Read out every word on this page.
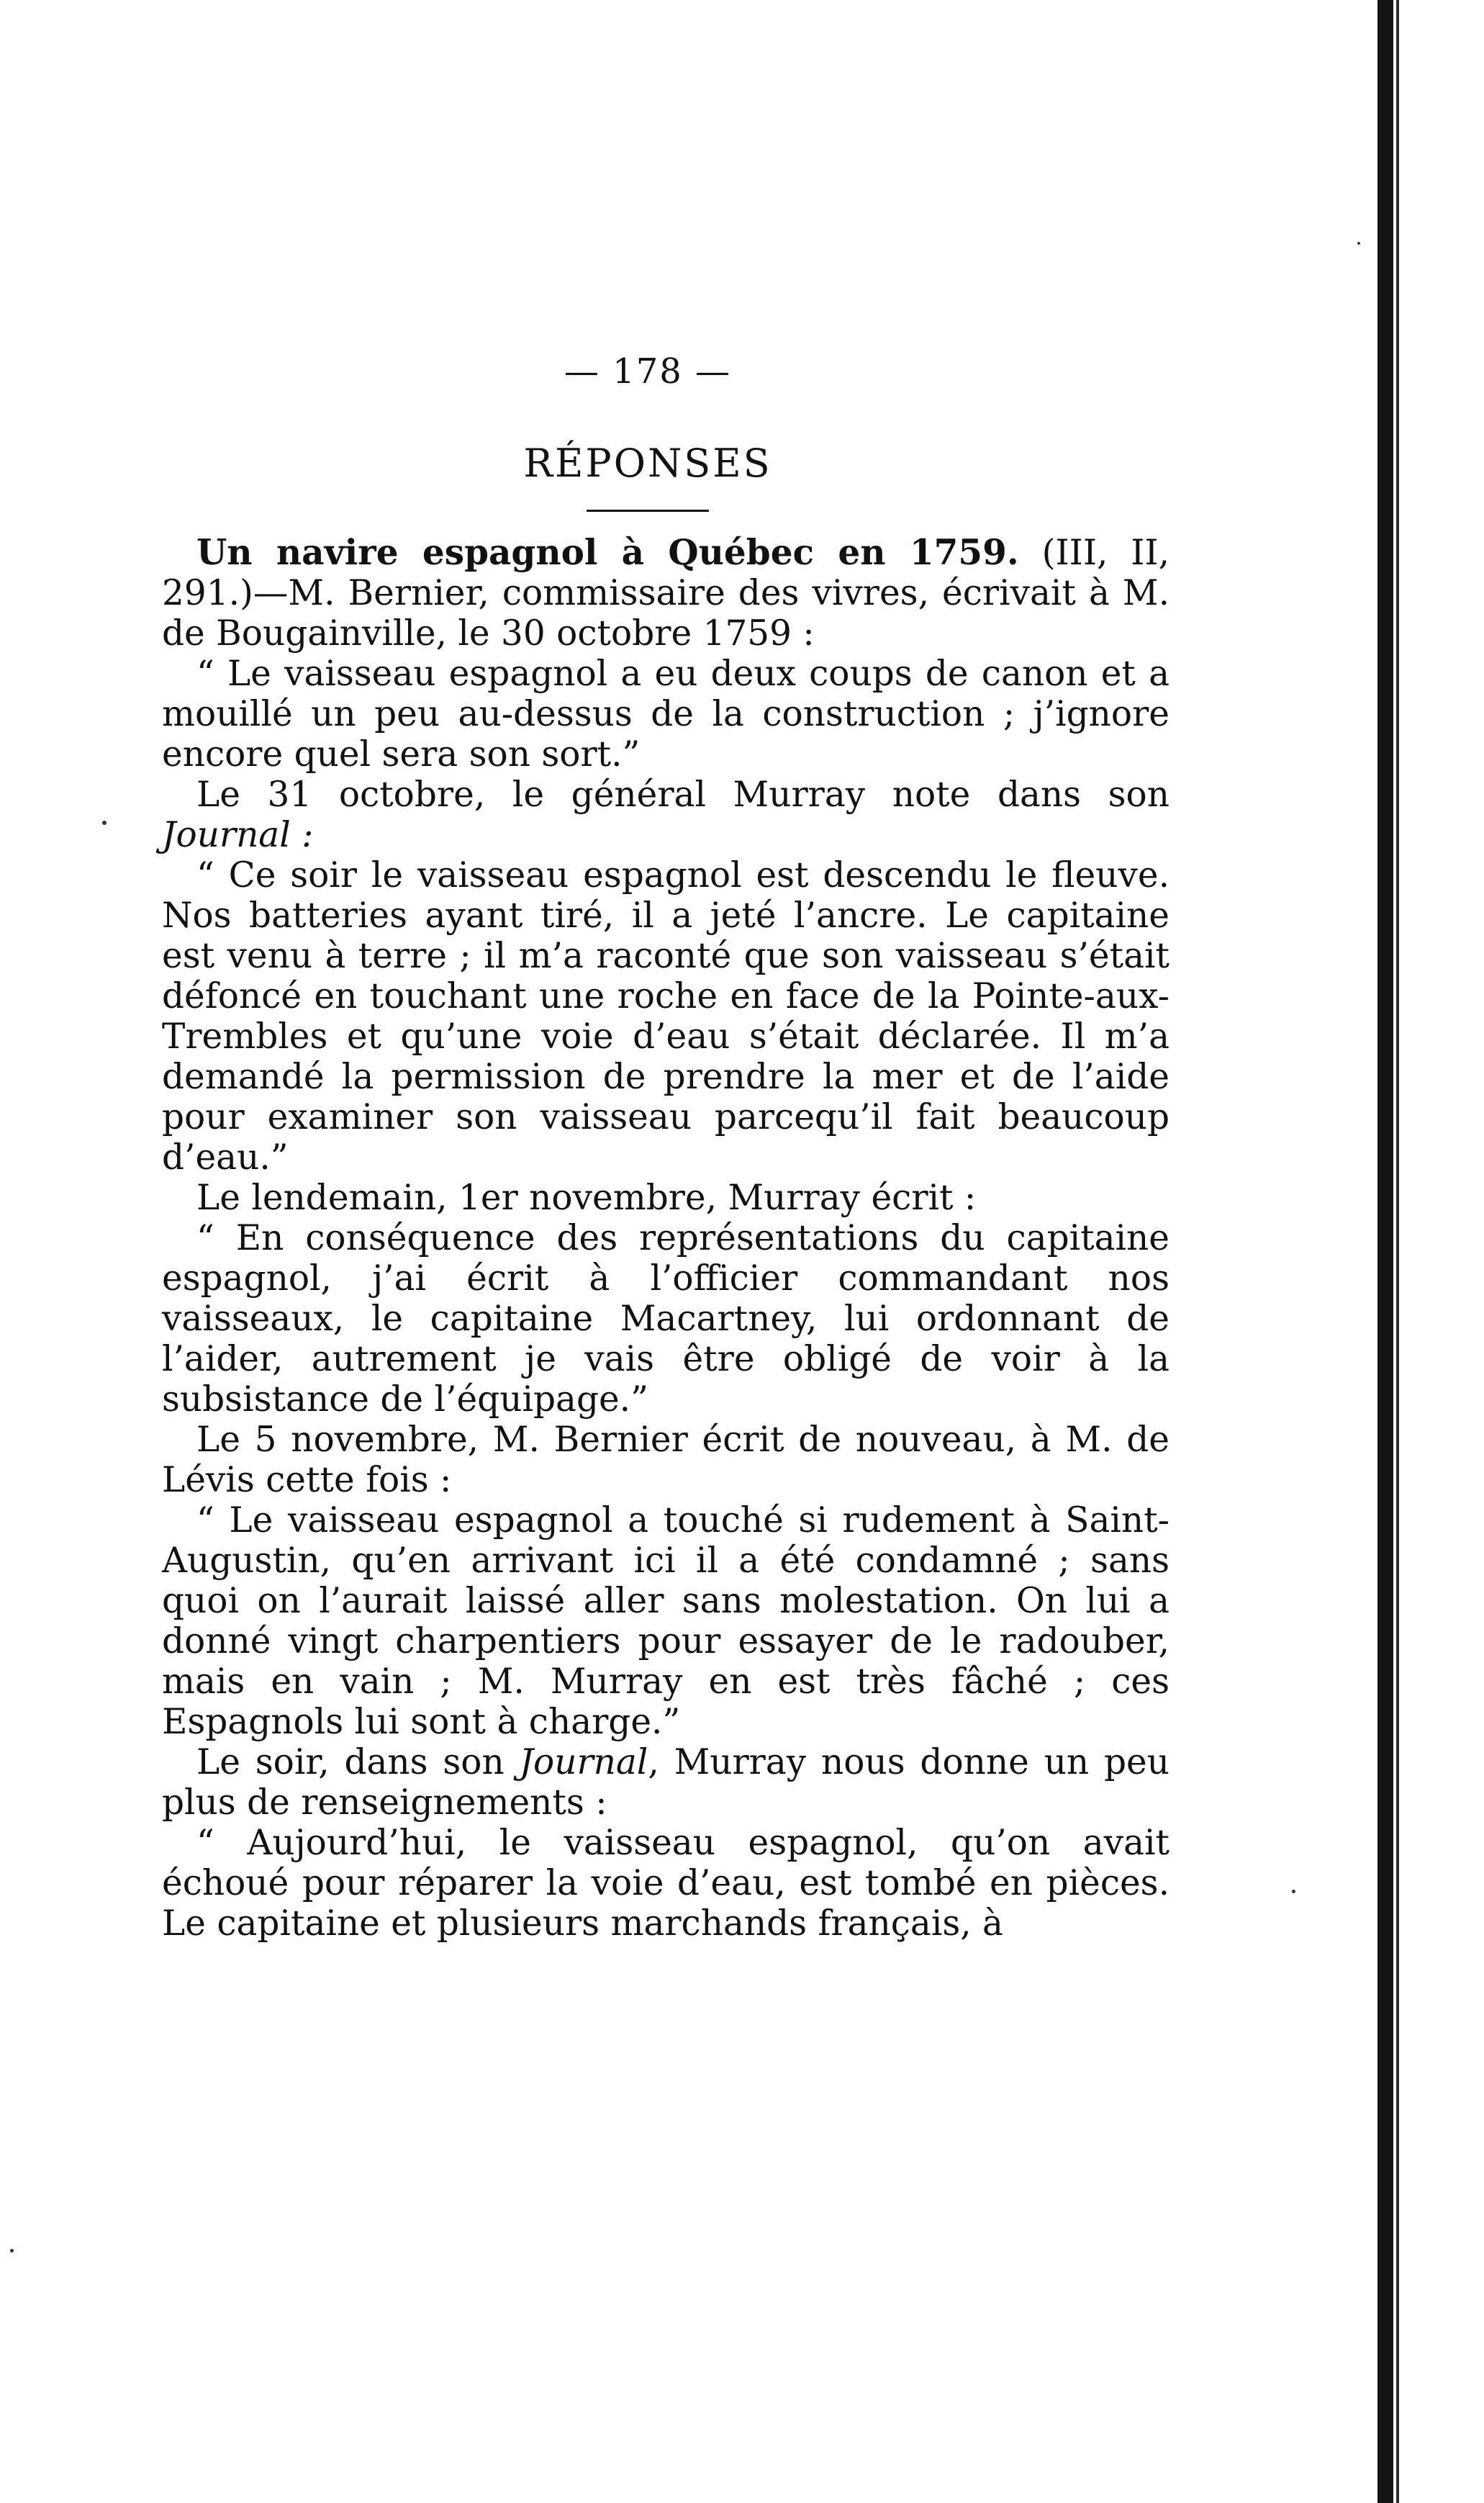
— 178 —
RÉPONSES

Un navire espagnol à Québec en 1759. (III, II, 291.)—M. Bernier, commissaire des vivres, écrivait à M. de Bougainville, le 30 octobre 1759 :

“ Le vaisseau espagnol a eu deux coups de canon et a mouillé un peu au-dessus de la construction ; j’ignore encore quel sera son sort.”

Le 31 octobre, le général Murray note dans son Journal :

“ Ce soir le vaisseau espagnol est descendu le fleuve. Nos batteries ayant tiré, il a jeté l’ancre. Le capitaine est venu à terre ; il m’a raconté que son vaisseau s’était défoncé en touchant une roche en face de la Pointe-aux-Trembles et qu’une voie d’eau s’était déclarée. Il m’a demandé la permission de prendre la mer et de l’aide pour examiner son vaisseau parcequ’il fait beaucoup d’eau.”

Le lendemain, 1er novembre, Murray écrit :

“ En conséquence des représentations du capitaine espagnol, j’ai écrit à l’officier commandant nos vaisseaux, le capitaine Macartney, lui ordonnant de l’aider, autrement je vais être obligé de voir à la subsistance de l’équipage.”

Le 5 novembre, M. Bernier écrit de nouveau, à M. de Lévis cette fois :

“ Le vaisseau espagnol a touché si rudement à Saint-Augustin, qu’en arrivant ici il a été condamné ; sans quoi on l’aurait laissé aller sans molestation. On lui a donné vingt charpentiers pour essayer de le radouber, mais en vain ; M. Murray en est très fâché ; ces Espagnols lui sont à charge.”

Le soir, dans son Journal, Murray nous donne un peu plus de renseignements :

“ Aujourd’hui, le vaisseau espagnol, qu’on avait échoué pour réparer la voie d’eau, est tombé en pièces. Le capitaine et plusieurs marchands français, à
